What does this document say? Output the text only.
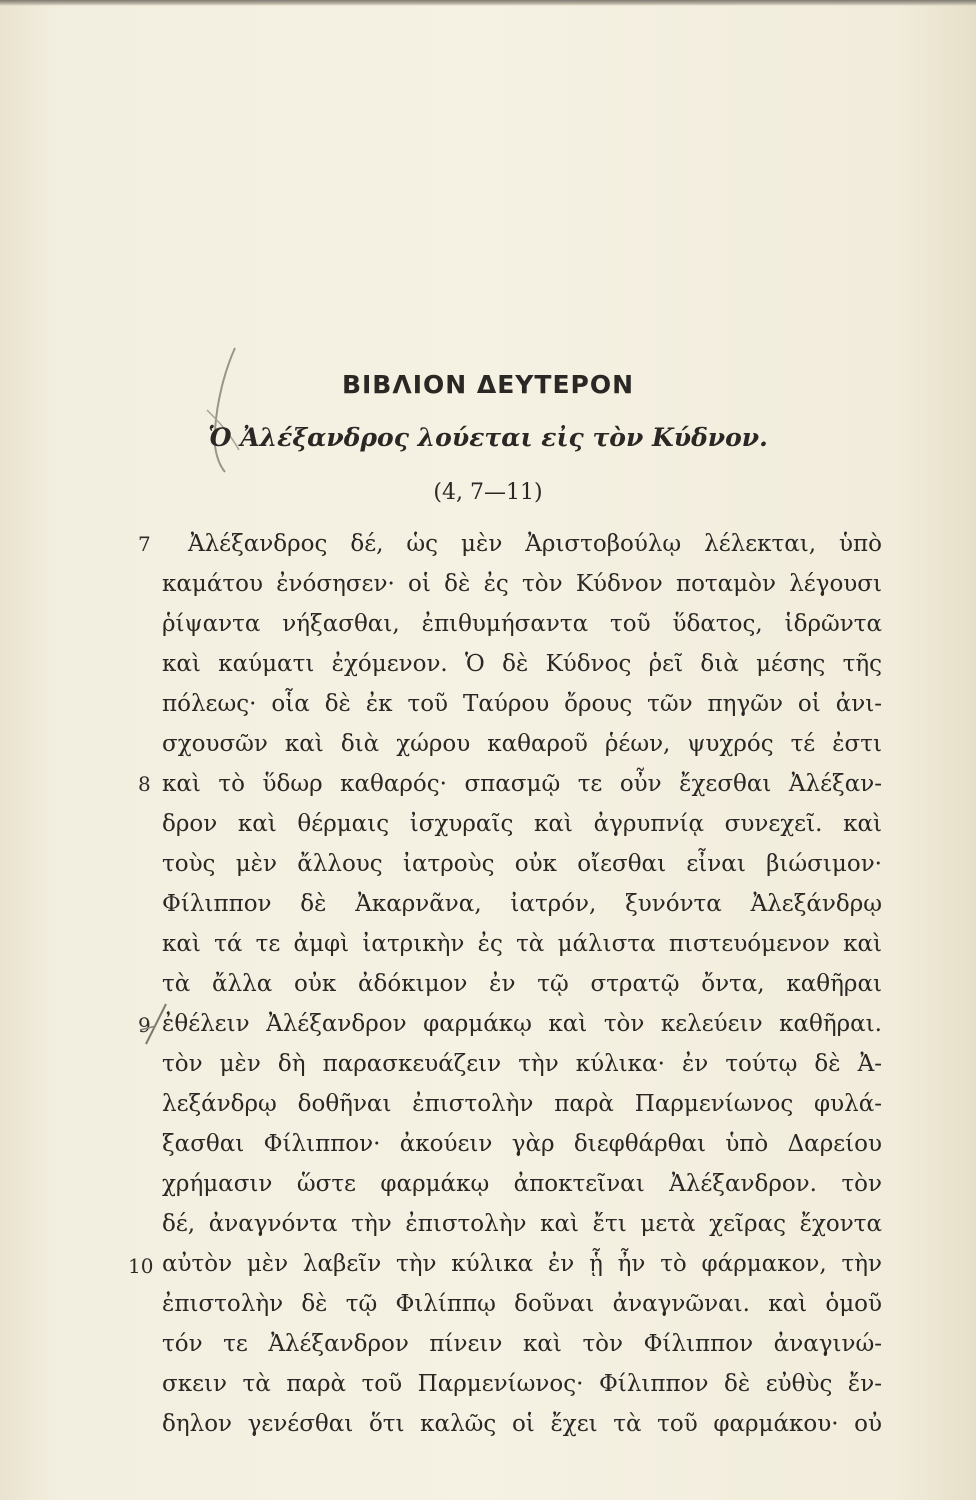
ΒΙΒΛΙΟΝ ΔΕΥΤΕΡΟΝ
Ὁ Ἀλέξανδρος λούεται εἰς τὸν Κύδνον.
(4, 7—11)
7
8
9
10
Ἀλέξανδρος δέ, ὡς μὲν Ἀριστοβούλῳ λέλεκται, ὑπὸ
καμάτου ἐνόσησεν· οἱ δὲ ἐς τὸν Κύδνον ποταμὸν λέγουσι
ῥίψαντα νήξασθαι, ἐπιθυμήσαντα τοῦ ὕδατος, ἱδρῶντα
καὶ καύματι ἐχόμενον. Ὁ δὲ Κύδνος ῥεῖ διὰ μέσης τῆς
πόλεως· οἷα δὲ ἐκ τοῦ Ταύρου ὄρους τῶν πηγῶν οἱ ἀνι-
σχουσῶν καὶ διὰ χώρου καθαροῦ ῥέων, ψυχρός τέ ἐστι
καὶ τὸ ὕδωρ καθαρός· σπασμῷ τε οὖν ἔχεσθαι Ἀλέξαν-
δρον καὶ θέρμαις ἰσχυραῖς καὶ ἀγρυπνίᾳ συνεχεῖ. καὶ
τοὺς μὲν ἄλλους ἰατροὺς οὐκ οἴεσθαι εἶναι βιώσιμον·
Φίλιππον δὲ Ἀκαρνᾶνα, ἰατρόν, ξυνόντα Ἀλεξάνδρῳ
καὶ τά τε ἀμφὶ ἰατρικὴν ἐς τὰ μάλιστα πιστευόμενον καὶ
τὰ ἄλλα οὐκ ἀδόκιμον ἐν τῷ στρατῷ ὄντα, καθῆραι
ἐθέλειν Ἀλέξανδρον φαρμάκῳ καὶ τὸν κελεύειν καθῆραι.
τὸν μὲν δὴ παρασκευάζειν τὴν κύλικα· ἐν τούτῳ δὲ Ἀ-
λεξάνδρῳ δοθῆναι ἐπιστολὴν παρὰ Παρμενίωνος φυλά-
ξασθαι Φίλιππον· ἀκούειν γὰρ διεφθάρθαι ὑπὸ Δαρείου
χρήμασιν ὥστε φαρμάκῳ ἀποκτεῖναι Ἀλέξανδρον. τὸν
δέ, ἀναγνόντα τὴν ἐπιστολὴν καὶ ἔτι μετὰ χεῖρας ἔχοντα
αὐτὸν μὲν λαβεῖν τὴν κύλικα ἐν ᾗ ἦν τὸ φάρμακον, τὴν
ἐπιστολὴν δὲ τῷ Φιλίππῳ δοῦναι ἀναγνῶναι. καὶ ὁμοῦ
τόν τε Ἀλέξανδρον πίνειν καὶ τὸν Φίλιππον ἀναγινώ-
σκειν τὰ παρὰ τοῦ Παρμενίωνος· Φίλιππον δὲ εὐθὺς ἔν-
δηλον γενέσθαι ὅτι καλῶς οἱ ἔχει τὰ τοῦ φαρμάκου· οὐ
